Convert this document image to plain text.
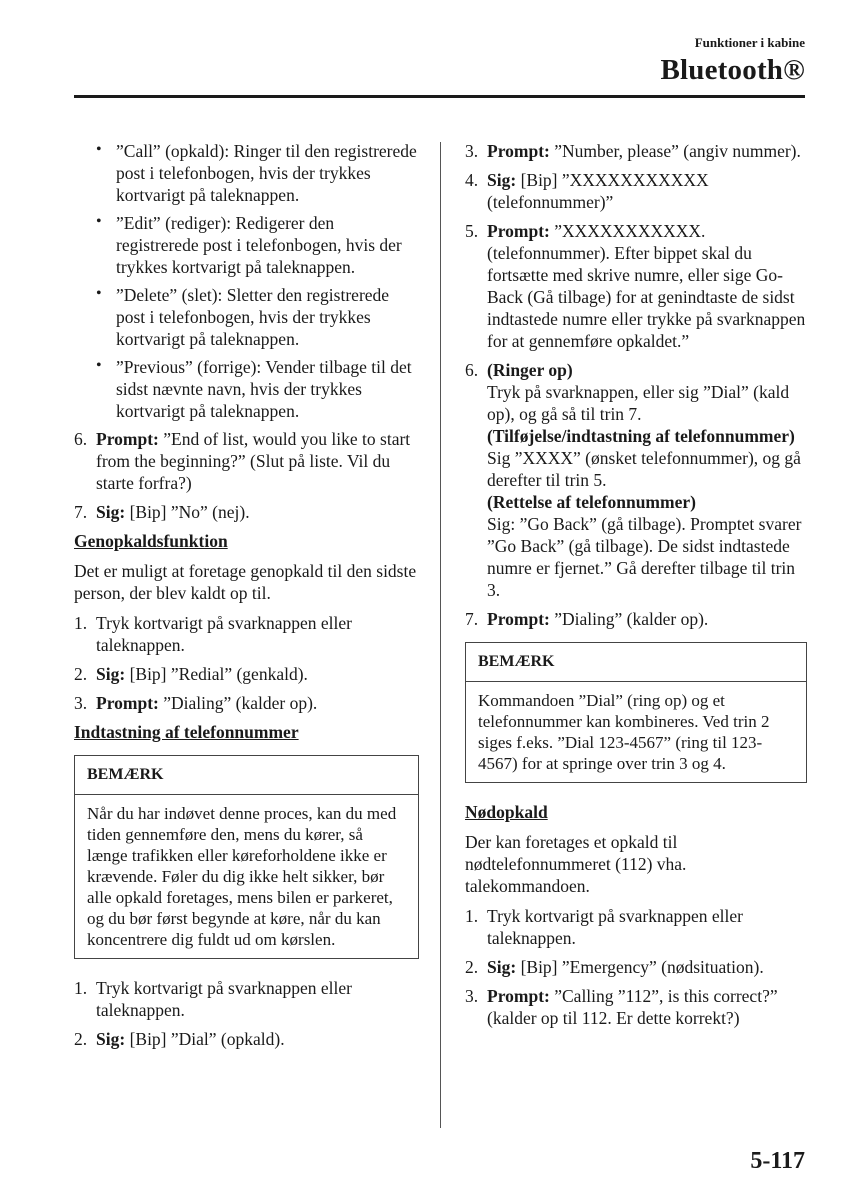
Funktioner i kabine
Bluetooth®
• ”Call” (opkald): Ringer til den registrerede post i telefonbogen, hvis der trykkes kortvarigt på taleknappen.
• ”Edit” (rediger): Redigerer den registrerede post i telefonbogen, hvis der trykkes kortvarigt på taleknappen.
• ”Delete” (slet): Sletter den registrerede post i telefonbogen, hvis der trykkes kortvarigt på taleknappen.
• ”Previous” (forrige): Vender tilbage til det sidst nævnte navn, hvis der trykkes kortvarigt på taleknappen.
6. Prompt: ”End of list, would you like to start from the beginning?” (Slut på liste. Vil du starte forfra?)
7. Sig: [Bip] ”No” (nej).
Genopkaldsfunktion
Det er muligt at foretage genopkald til den sidste person, der blev kaldt op til.
1. Tryk kortvarigt på svarknappen eller taleknappen.
2. Sig: [Bip] ”Redial” (genkald).
3. Prompt: ”Dialing” (kalder op).
Indtastning af telefonnummer
BEMÆRK
Når du har indøvet denne proces, kan du med tiden gennemføre den, mens du kører, så længe trafikken eller køreforholdene ikke er krævende. Føler du dig ikke helt sikker, bør alle opkald foretages, mens bilen er parkeret, og du bør først begynde at køre, når du kan koncentrere dig fuldt ud om kørslen.
1. Tryk kortvarigt på svarknappen eller taleknappen.
2. Sig: [Bip] ”Dial” (opkald).
3. Prompt: ”Number, please” (angiv nummer).
4. Sig: [Bip] ”XXXXXXXXXXX (telefonnummer)”
5. Prompt: ”XXXXXXXXXXX. (telefonnummer). Efter bippet skal du fortsætte med skrive numre, eller sige Go-Back (Gå tilbage) for at genindtaste de sidst indtastede numre eller trykke på svarknappen for at gennemføre opkaldet.”
6. (Ringer op)
Tryk på svarknappen, eller sig ”Dial” (kald op), og gå så til trin 7.
(Tilføjelse/indtastning af telefonnummer)
Sig ”XXXX” (ønsket telefonnummer), og gå derefter til trin 5.
(Rettelse af telefonnummer)
Sig: ”Go Back” (gå tilbage). Promptet svarer ”Go Back” (gå tilbage). De sidst indtastede numre er fjernet.” Gå derefter tilbage til trin 3.
7. Prompt: ”Dialing” (kalder op).
BEMÆRK
Kommandoen ”Dial” (ring op) og et telefonnummer kan kombineres. Ved trin 2 siges f.eks. ”Dial 123-4567” (ring til 123-4567) for at springe over trin 3 og 4.
Nødopkald
Der kan foretages et opkald til nødtelefonnummeret (112) vha. talekommandoen.
1. Tryk kortvarigt på svarknappen eller taleknappen.
2. Sig: [Bip] ”Emergency” (nødsituation).
3. Prompt: ”Calling ”112”, is this correct?” (kalder op til 112. Er dette korrekt?)
5-117
